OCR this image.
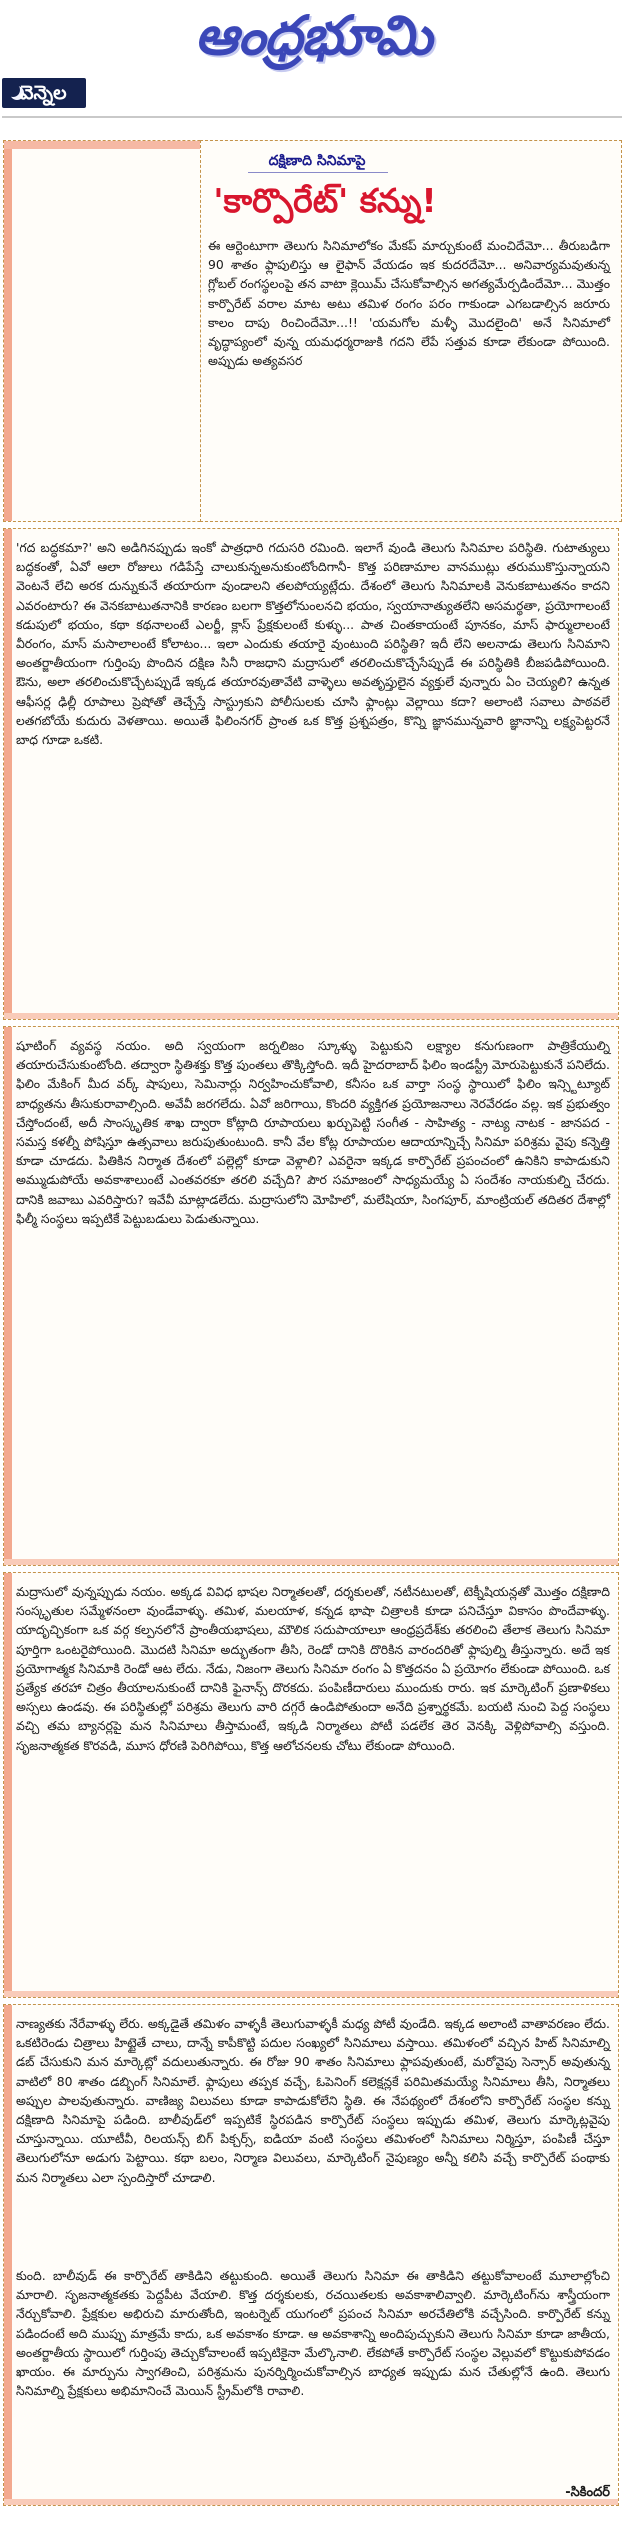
ఆంధ్రభూమి
వెన్నెల
దక్షిణాది సినిమాపై
'కార్పొరేట్' కన్ను!

ఈ ఆర్టెంటూగా తెలుగు సినిమాలోకం మేకప్ మార్చుకుంటే మంచిదేమో... తీరుబడిగా 90 శాతం ఫ్లాపులిస్తు ఆ లైఫాన్ వేయడం ఇక కుదరదేమో... అనివార్యమవుతున్న గ్లోబల్ రంగస్థలంపై తన వాటా క్లెయిమ్ చేసుకోవాల్సిన అగత్యమేర్పడిందేమో... మొత్తం కార్పొరేట్ వరాల మాట అటు తమిళ రంగం పరం గాకుండా ఎగబడాల్సిన జరూరు కాలం దాపు రించిందేమో...!! 'యమగోల మళ్ళీ మొదలైంది' అనే సినిమాలో వృద్ధాప్యంలో వున్న యమధర్మరాజుకి గదని లేపే సత్తువ కూడా లేకుండా పోయింది. అప్పుడు అత్యవసర

'గద బద్ధకమా?' అని అడిగినప్పుడు ఇంకో పాత్రధారి గదుసరి రమింది. ఇలాగే వుండి తెలుగు సినిమాల పరిస్థితి. గుటాత్యులు బద్ధకంతో, ఏవో ఆలా రోజులు గడిపేస్తే చాలుకున్నఅనుకుంటోందిగానీ- కొత్త పరిణామాల వానముట్లు తరుముకొస్తున్నాయని వెంటనే లేచి అరక దున్నుకునే తయారుగా వుండాలని తలపోయ్యట్లేదు. దేశంలో తెలుగు సినిమాలకి వెనుకబాటుతనం కాదని ఎవరంటారు? ఈ వెనకబాటుతనానికి కారణం బలగా కొత్తలోనుంలనచి భయం, స్వయానాత్యుతలేని అసమర్థతా, ప్రయోగాలంటే కడుపులో భయం, కథా కథనాలంటే ఎలర్జీ, క్లాస్ ప్రేక్షకులంటే కుళ్ళు... పాత చింతకాయంటే పూనకం, మాస్ ఫార్ములాలంటే వీరంగం, మాస్ మసాలాలంటే కోలాటం... ఇలా ఎందుకు తయారై వుంటుంది పరిస్థితి? ఇదీ లేని అలనాడు తెలుగు సినిమాని అంతర్జాతీయంగా గుర్తింపు పొందిన దక్షిణ సినీ రాజధాని మద్రాసులో తరలించుకొచ్చేసేప్పుడే ఈ పరిస్థితికి బీజపడిపోయింది. ఔను, అలా తరలించుకొచ్చేటప్పుడే ఇక్కడ తయారవుతావేటి వాళ్ళెలు అవతృప్తులైన వ్యక్తులే వున్నారు ఏం చెయ్యలి? ఉన్నత ఆఫీసర్ల ఢిల్లీ రూపాలు ప్రెషోతో తెచ్చేస్తే సాస్ట్రుకుని పోలీసులకు చూసి ఫ్లాంట్లు వెల్లాయి కదా? అలాంటి సవాలు పాఠవలే లతగబోయే కుదురు వెళతాయి. అయితే ఫిలింనగర్ ప్రాంత ఒక కొత్త ప్రశ్నపత్రం, కొన్ని జ్ఞానమున్నవారి జ్ఞానాన్ని లక్ష్యపెట్టరనే బాధ గూడా ఒకటి.

షూటింగ్ వ్యవస్థ నయం. అది స్వయంగా జర్నలిజం స్కూళ్ళు పెట్టుకుని లక్ష్యాల కనుగుణంగా పాత్రికేయుల్ని తయారుచేసుకుంటోంది. తద్వారా స్థితిశక్తు కొత్త పుంతలు తొక్కిస్తోంది. ఇదీ హైదరాబాద్ ఫిలిం ఇండస్ట్రీ మోరుపెట్టుకునే పనిలేదు. ఫిలిం మేకింగ్ మీద వర్క్ షాపులు, సెమినార్లు నిర్వహించుకోవాలి, కనీసం ఒక వార్తా సంస్థ స్థాయిలో ఫిలిం ఇన్స్టిట్యూట్ బాధ్యతను తీసుకురావాల్సింది. అవేవీ జరగలేదు. ఏవో జరిగాయి, కొందరి వ్యక్తిగత ప్రయోజనాలు నెరవేరడం వల్ల. ఇక ప్రభుత్వం చేస్తోందంటే, అదీ సాంస్కృతిక శాఖ ద్వారా కోట్లాది రూపాయలు ఖర్చుపెట్టి సంగీత - సాహిత్య - నాట్య నాటక - జానపద - సమస్త కళల్నీ పోషిస్తూ ఉత్సవాలు జరుపుతుంటుంది. కానీ వేల కోట్ల రూపాయల ఆదాయాన్నిచ్చే సినిమా పరిశ్రమ వైపు కన్నెత్తి కూడా చూడదు. పితికిన నిర్మాత దేశంలో పల్లెల్లో కూడా వెళ్లాలి? ఎవరైనా ఇక్కడ కార్పొరేట్ ప్రపంచంలో ఉనికిని కాపాడుకుని అమ్ముడుపోయే అవకాశాలుంటే ఎంతవరకూ తరలి వచ్చేది? పౌర సమాజంలో సాధ్యమయ్యే ఏ సందేశం నాయకుల్ని చేరదు. దానికి జవాబు ఎవరిస్తారు? ఇవేవీ మాట్లాడలేదు. మద్రాసులోని మోహిలో, మలేషియా, సింగపూర్, మాంట్రియల్ తదితర దేశాల్లో ఫిల్మీ సంస్థలు ఇప్పటికే పెట్టుబడులు పెడుతున్నాయి.

మద్రాసులో వున్నప్పుడు నయం. అక్కడ వివిధ భాషల నిర్మాతలతో, దర్శకులతో, నటీనటులతో, టెక్నీషియన్లతో మొత్తం దక్షిణాది సంస్కృతుల సమ్మేళనంలా వుండేవాళ్ళు. తమిళ, మలయాళ, కన్నడ భాషా చిత్రాలకి కూడా పనిచేస్తూ వికాసం పొందేవాళ్ళు. యాదృచ్ఛికంగా ఒక వర్గ కల్పనలోనే ప్రాంతీయభాషలు, మౌలిక సదుపాయాలూ ఆంధ్రప్రదేశ్‌కు తరలించి తేలాక తెలుగు సినిమా పూర్తిగా ఒంటరైపోయింది. మొదటి సినిమా అద్భుతంగా తీసి, రెండో దానికి దొరికిన వారందరితో ఫ్లాపుల్ని తీస్తున్నారు. అదే ఇక ప్రయోగాత్మక సినిమాకి రెండో ఆట లేదు. నేడు, నిజంగా తెలుగు సినిమా రంగం ఏ కొత్తదనం ఏ ప్రయోగం లేకుండా పోయింది. ఒక ప్రత్యేక తరహా చిత్రం తీయాలనుకుంటే దానికి ఫైనాన్స్ దొరకదు. పంపిణీదారులు ముందుకు రారు. ఇక మార్కెటింగ్ ప్రణాళికలు అస్సలు ఉండవు. ఈ పరిస్థితుల్లో పరిశ్రమ తెలుగు వారి దగ్గరే ఉండిపోతుందా అనేది ప్రశ్నార్థకమే. బయటి నుంచి పెద్ద సంస్థలు వచ్చి తమ బ్యానర్లపై మన సినిమాలు తీస్తామంటే, ఇక్కడి నిర్మాతలు పోటీ పడలేక తెర వెనక్కి వెళ్లిపోవాల్సి వస్తుంది. సృజనాత్మకత కొరవడి, మూస ధోరణి పెరిగిపోయి, కొత్త ఆలోచనలకు చోటు లేకుండా పోయింది.

నాణ్యతకు నేరేవాళ్ళు లేరు. అక్కడైతే తమిళం వాళ్ళకీ తెలుగువాళ్ళకీ మధ్య పోటీ వుండేది. ఇక్కడ అలాంటి వాతావరణం లేదు. ఒకటిరెండు చిత్రాలు హిట్టైతే చాలు, దాన్నే కాపీకొట్టి పదుల సంఖ్యలో సినిమాలు వస్తాయి. తమిళంలో వచ్చిన హిట్ సినిమాల్ని డబ్ చేసుకుని మన మార్కెట్లో వదులుతున్నారు. ఈ రోజు 90 శాతం సినిమాలు ఫ్లాపవుతుంటే, మరోవైపు సెన్సార్ అవుతున్న వాటిలో 80 శాతం డబ్బింగ్ సినిమాలే. ఫ్లాపులు తప్పక వచ్చే, ఓపెనింగ్ కలెక్షన్లకే పరిమితమయ్యే సినిమాలు తీసి, నిర్మాతలు అప్పుల పాలవుతున్నారు. వాణిజ్య విలువలు కూడా కాపాడుకోలేని స్థితి. ఈ నేపథ్యంలో దేశంలోని కార్పొరేట్ సంస్థల కన్ను దక్షిణాది సినిమాపై పడింది. బాలీవుడ్‌లో ఇప్పటికే స్థిరపడిన కార్పొరేట్ సంస్థలు ఇప్పుడు తమిళ, తెలుగు మార్కెట్లవైపు చూస్తున్నాయి. యూటీవీ, రిలయన్స్ బిగ్ పిక్చర్స్, ఐడియా వంటి సంస్థలు తమిళంలో సినిమాలు నిర్మిస్తూ, పంపిణీ చేస్తూ తెలుగులోనూ అడుగు పెట్టాయి. కథా బలం, నిర్మాణ విలువలు, మార్కెటింగ్ నైపుణ్యం అన్నీ కలిసి వచ్చే కార్పొరేట్ పంథాకు మన నిర్మాతలు ఎలా స్పందిస్తారో చూడాలి.

కుంది. బాలీవుడ్ ఈ కార్పొరేట్ తాకిడిని తట్టుకుంది. అయితే తెలుగు సినిమా ఈ తాకిడిని తట్టుకోవాలంటే మూలాల్లోంచి మారాలి. సృజనాత్మకతకు పెద్దపీట వేయాలి. కొత్త దర్శకులకు, రచయితలకు అవకాశాలివ్వాలి. మార్కెటింగ్‌ను శాస్త్రీయంగా నేర్చుకోవాలి. ప్రేక్షకుల అభిరుచి మారుతోంది, ఇంటర్నెట్ యుగంలో ప్రపంచ సినిమా అరచేతిలోకి వచ్చేసింది. కార్పొరేట్ కన్ను పడిందంటే అది ముప్పు మాత్రమే కాదు, ఒక అవకాశం కూడా. ఆ అవకాశాన్ని అందిపుచ్చుకుని తెలుగు సినిమా కూడా జాతీయ, అంతర్జాతీయ స్థాయిలో గుర్తింపు తెచ్చుకోవాలంటే ఇప్పటికైనా మేల్కొనాలి. లేకపోతే కార్పొరేట్ సంస్థల వెల్లువలో కొట్టుకుపోవడం ఖాయం. ఈ మార్పును స్వాగతించి, పరిశ్రమను పునర్నిర్మించుకోవాల్సిన బాధ్యత ఇప్పుడు మన చేతుల్లోనే ఉంది. తెలుగు సినిమాల్ని ప్రేక్షకులు అభిమానించే మెయిన్ స్ట్రీమ్‌లోకి రావాలి.

-సికిందర్
